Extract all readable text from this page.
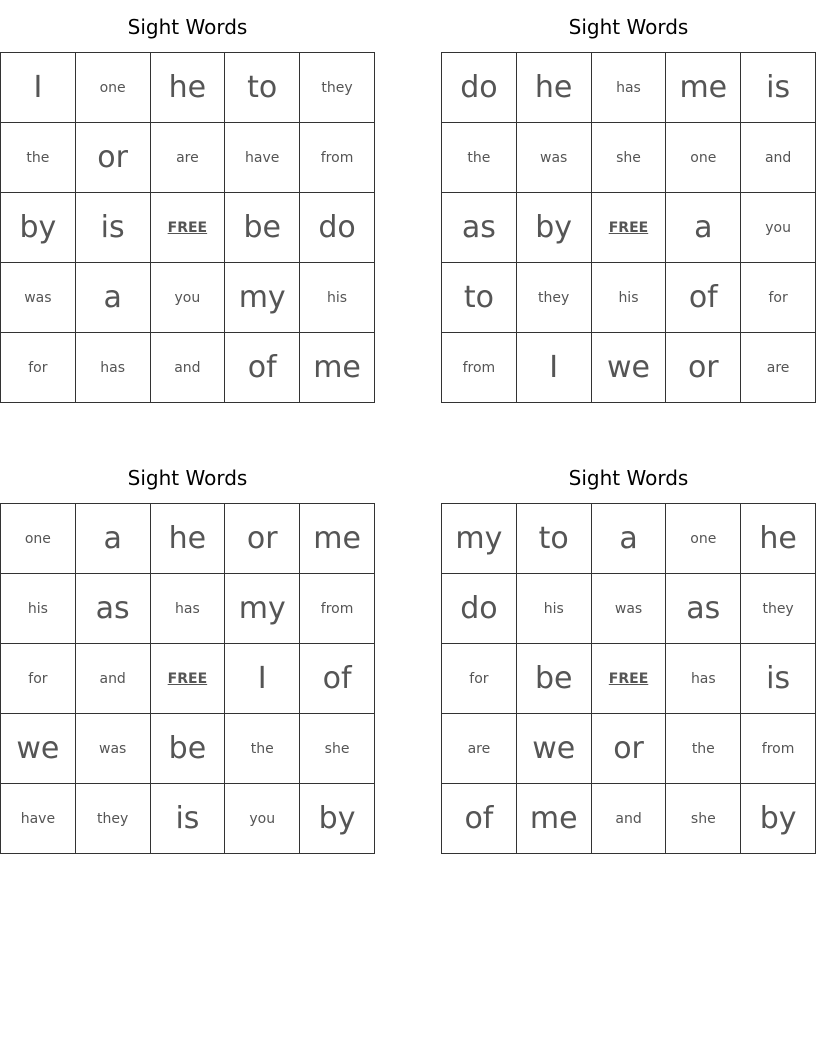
Sight Words
I	one	he	to	they
the	or	are	have	from
by	is	FREE	be	do
was	a	you	my	his
for	has	and	of	me
Sight Words
do	he	has	me	is
the	was	she	one	and
as	by	FREE	a	you
to	they	his	of	for
from	I	we	or	are
Sight Words
one	a	he	or	me
his	as	has	my	from
for	and	FREE	I	of
we	was	be	the	she
have	they	is	you	by
Sight Words
my	to	a	one	he
do	his	was	as	they
for	be	FREE	has	is
are	we	or	the	from
of	me	and	she	by
